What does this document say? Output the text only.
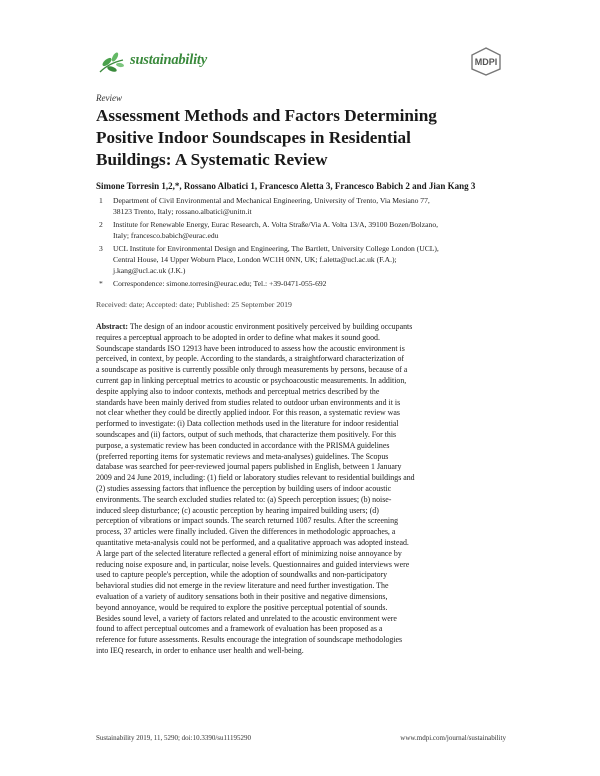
sustainability	MDPI
Review
Assessment Methods and Factors Determining
Positive Indoor Soundscapes in Residential
Buildings: A Systematic Review
Simone Torresin 1,2,*, Rossano Albatici 1, Francesco Aletta 3, Francesco Babich 2 and Jian Kang 3
1 Department of Civil Environmental and Mechanical Engineering, University of Trento, Via Mesiano 77,
38123 Trento, Italy; rossano.albatici@unitn.it
2 Institute for Renewable Energy, Eurac Research, A. Volta Straße/Via A. Volta 13/A, 39100 Bozen/Bolzano,
Italy; francesco.babich@eurac.edu
3 UCL Institute for Environmental Design and Engineering, The Bartlett, University College London (UCL),
Central House, 14 Upper Woburn Place, London WC1H 0NN, UK; f.aletta@ucl.ac.uk (F.A.);
j.kang@ucl.ac.uk (J.K.)
* Correspondence: simone.torresin@eurac.edu; Tel.: +39-0471-055-692
Received: date; Accepted: date; Published: 25 September 2019
Abstract: The design of an indoor acoustic environment positively perceived by building occupants
requires a perceptual approach to be adopted in order to define what makes it sound good.
Soundscape standards ISO 12913 have been introduced to assess how the acoustic environment is
perceived, in context, by people. According to the standards, a straightforward characterization of
a soundscape as positive is currently possible only through measurements by persons, because of a
current gap in linking perceptual metrics to acoustic or psychoacoustic measurements. In addition,
despite applying also to indoor contexts, methods and perceptual metrics described by the
standards have been mainly derived from studies related to outdoor urban environments and it is
not clear whether they could be directly applied indoor. For this reason, a systematic review was
performed to investigate: (i) Data collection methods used in the literature for indoor residential
soundscapes and (ii) factors, output of such methods, that characterize them positively. For this
purpose, a systematic review has been conducted in accordance with the PRISMA guidelines
(preferred reporting items for systematic reviews and meta-analyses) guidelines. The Scopus
database was searched for peer-reviewed journal papers published in English, between 1 January
2009 and 24 June 2019, including: (1) field or laboratory studies relevant to residential buildings and
(2) studies assessing factors that influence the perception by building users of indoor acoustic
environments. The search excluded studies related to: (a) Speech perception issues; (b) noise-
induced sleep disturbance; (c) acoustic perception by hearing impaired building users; (d)
perception of vibrations or impact sounds. The search returned 1087 results. After the screening
process, 37 articles were finally included. Given the differences in methodologic approaches, a
quantitative meta-analysis could not be performed, and a qualitative approach was adopted instead.
A large part of the selected literature reflected a general effort of minimizing noise annoyance by
reducing noise exposure and, in particular, noise levels. Questionnaires and guided interviews were
used to capture people's perception, while the adoption of soundwalks and non-participatory
behavioral studies did not emerge in the review literature and need further investigation. The
evaluation of a variety of auditory sensations both in their positive and negative dimensions,
beyond annoyance, would be required to explore the positive perceptual potential of sounds.
Besides sound level, a variety of factors related and unrelated to the acoustic environment were
found to affect perceptual outcomes and a framework of evaluation has been proposed as a
reference for future assessments. Results encourage the integration of soundscape methodologies
into IEQ research, in order to enhance user health and well-being.
Sustainability 2019, 11, 5290; doi:10.3390/su11195290	www.mdpi.com/journal/sustainability
